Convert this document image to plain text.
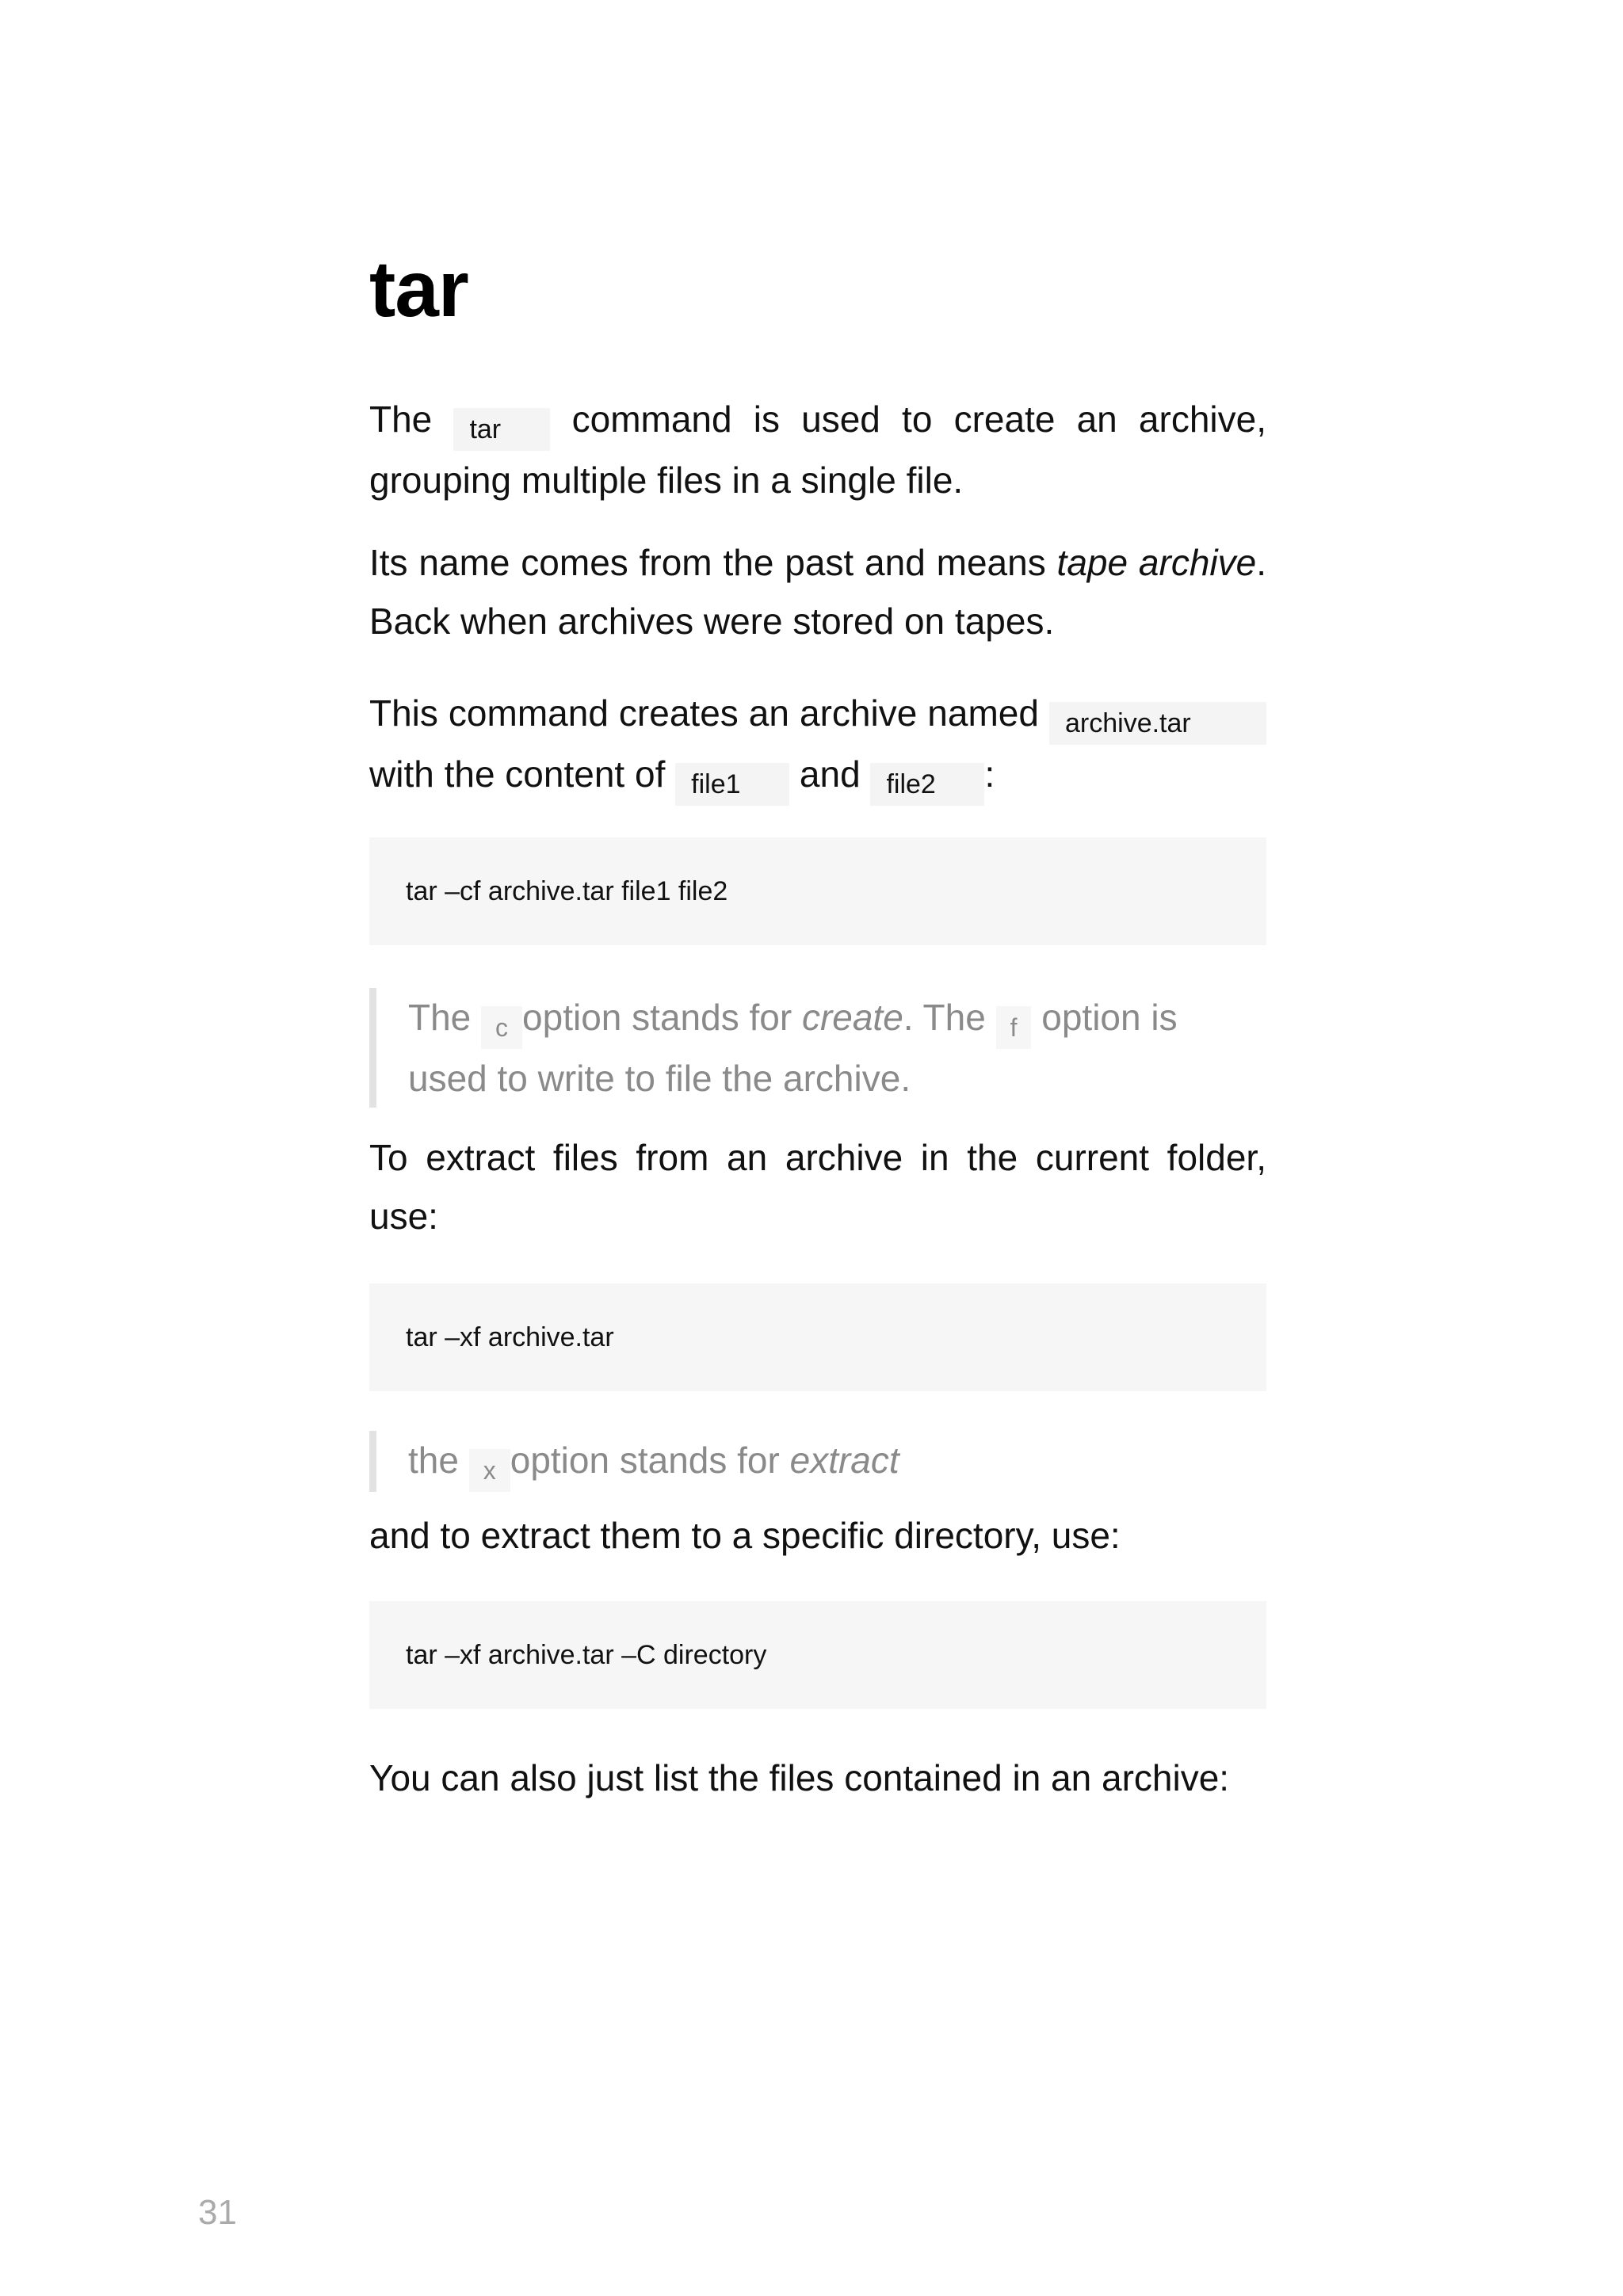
tar

The tar command is used to create an archive, grouping multiple files in a single file.

Its name comes from the past and means tape archive. Back when archives were stored on tapes.

This command creates an archive named archive.tar with the content of file1 and file2 :

tar –cf archive.tar file1 file2
The c option stands for create. The f option is used to write to file the archive.

To extract files from an archive in the current folder, use:

tar –xf archive.tar
the x option stands for extract

and to extract them to a specific directory, use:

tar –xf archive.tar –C directory

You can also just list the files contained in an archive:

31
